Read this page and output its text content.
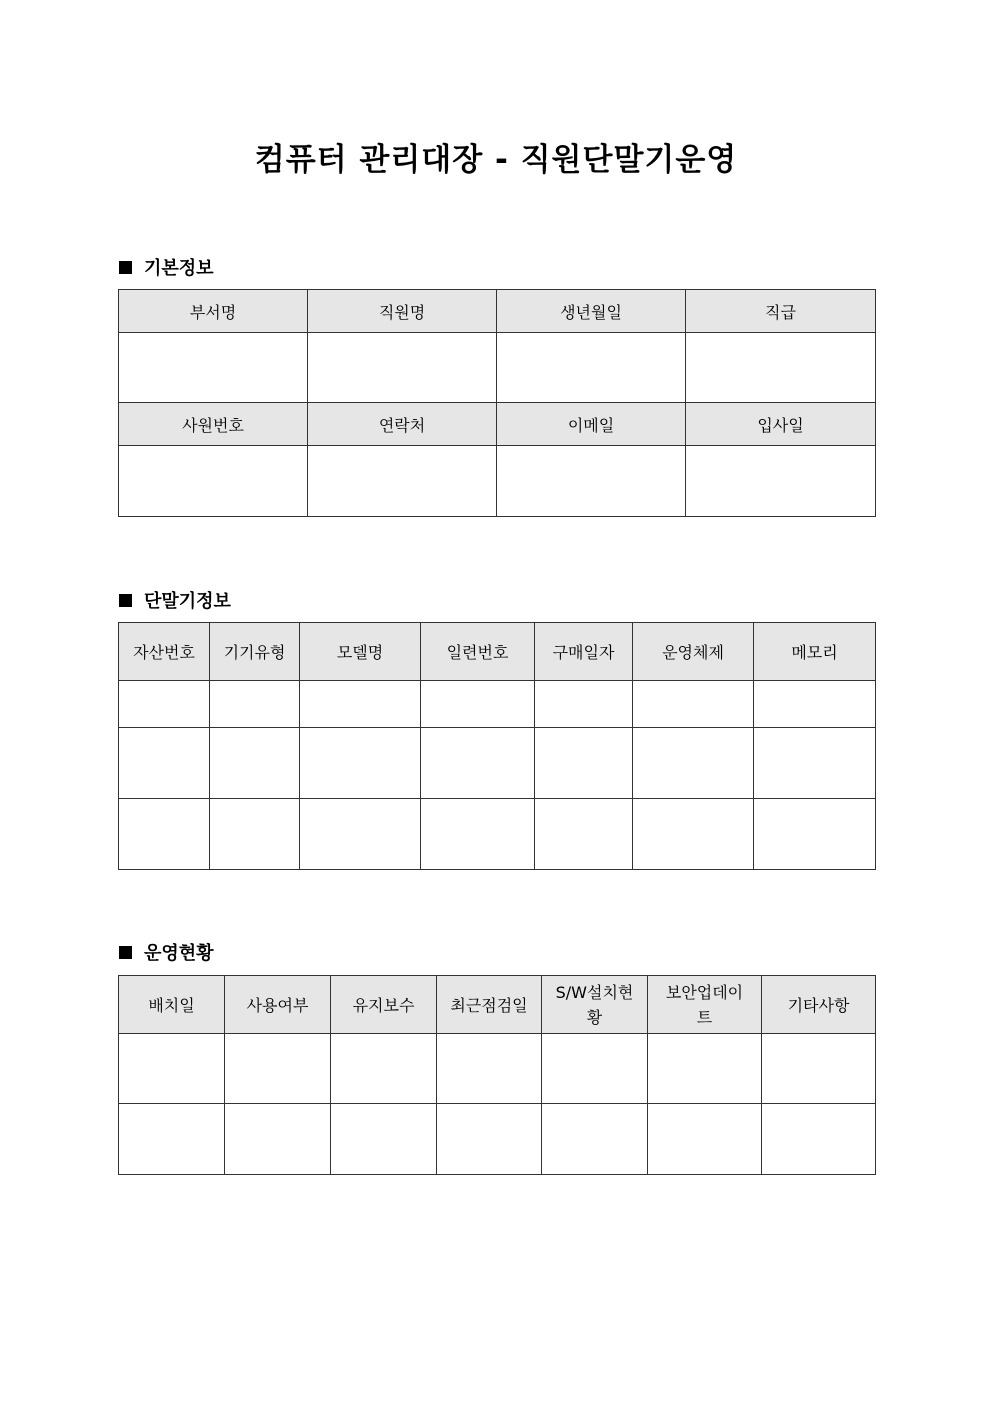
컴퓨터 관리대장 - 직원단말기운영
기본정보
부서명	직원명	생년월일	직급

사원번호	연락처	이메일	입사일

단말기정보
자산번호	기기유형	모델명	일련번호	구매일자	운영체제	메모리

운영현황
배치일	사용여부	유지보수	최근점검일	S/W설치현황	보안업데이트	기타사항
